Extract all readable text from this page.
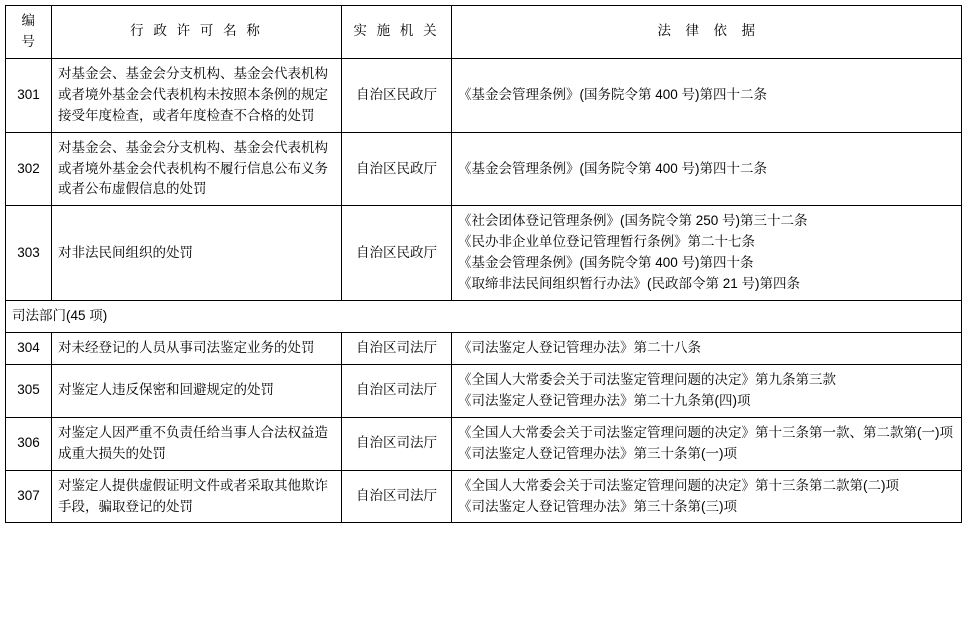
编　号	行 政 许 可 名 称	实 施 机 关	法　律　依　据
301	对基金会、基金会分支机构、基金会代表机构或者境外基金会代表机构未按照本条例的规定接受年度检查，或者年度检查不合格的处罚	自治区民政厅	《基金会管理条例》(国务院令第 400 号)第四十二条

302	对基金会、基金会分支机构、基金会代表机构或者境外基金会代表机构不履行信息公布义务或者公布虚假信息的处罚	自治区民政厅	《基金会管理条例》(国务院令第 400 号)第四十二条

303	对非法民间组织的处罚	自治区民政厅	《社会团体登记管理条例》(国务院令第 250 号)第三十二条
《民办非企业单位登记管理暂行条例》第二十七条
《基金会管理条例》(国务院令第 400 号)第四十条
《取缔非法民间组织暂行办法》(民政部令第 21 号)第四条

司法部门(45 项)			
304	对未经登记的人员从事司法鉴定业务的处罚	自治区司法厅	《司法鉴定人登记管理办法》第二十八条

305	对鉴定人违反保密和回避规定的处罚	自治区司法厅	《全国人大常委会关于司法鉴定管理问题的决定》第九条第三款
《司法鉴定人登记管理办法》第二十九条第(四)项

306	对鉴定人因严重不负责任给当事人合法权益造成重大损失的处罚	自治区司法厅	《全国人大常委会关于司法鉴定管理问题的决定》第十三条第一款、第二款第(一)项
《司法鉴定人登记管理办法》第三十条第(一)项

307	对鉴定人提供虚假证明文件或者采取其他欺诈手段，骗取登记的处罚	自治区司法厅	《全国人大常委会关于司法鉴定管理问题的决定》第十三条第二款第(二)项
《司法鉴定人登记管理办法》第三十条第(三)项
